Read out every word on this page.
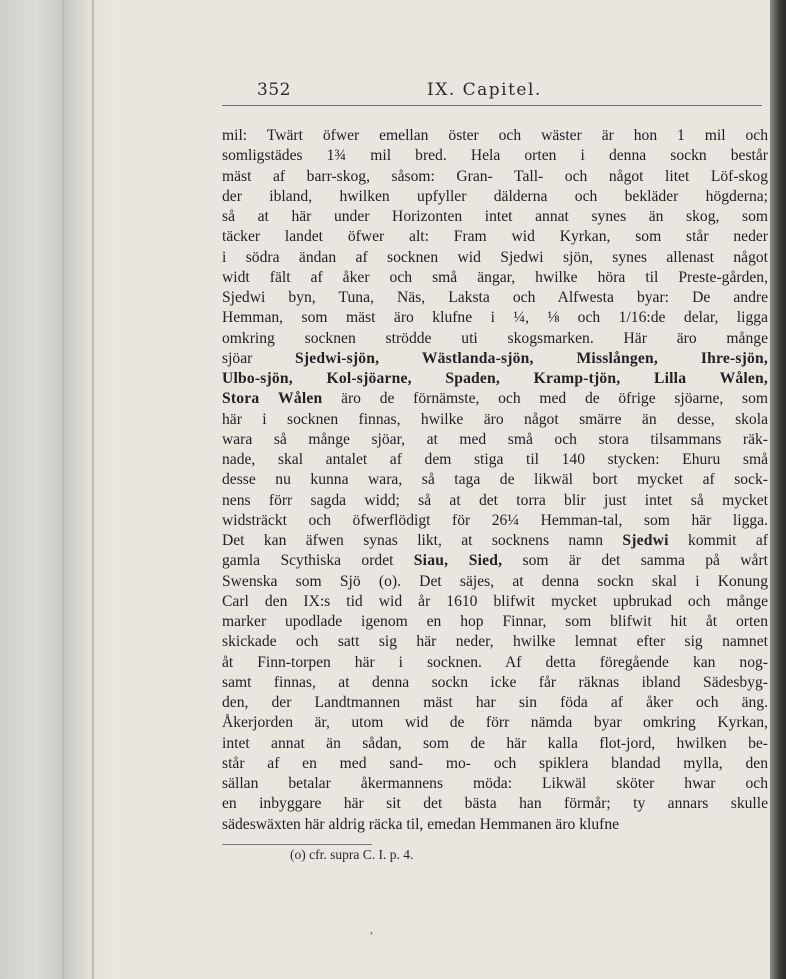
352	IX. Capitel.
mil: Twärt öfwer emellan öster och wäster är hon 1 mil och
somligstädes 1¾ mil bred. Hela orten i denna sockn består
mäst af barr-skog, såsom: Gran- Tall- och något litet Löf-skog
der ibland, hwilken upfyller dälderna och bekläder högderna;
så at här under Horizonten intet annat synes än skog, som
täcker landet öfwer alt: Fram wid Kyrkan, som står neder
i södra ändan af socknen wid Sjedwi sjön, synes allenast något
widt fält af åker och små ängar, hwilke höra til Preste-gården,
Sjedwi byn, Tuna, Näs, Laksta och Alfwesta byar: De andre
Hemman, som mäst äro klufne i ¼, ⅛ och 1/16:de delar, ligga
omkring socknen strödde uti skogsmarken. Här äro månge
sjöar Sjedwi-sjön, Wästlanda-sjön, Misslången, Ihre-sjön,
Ulbo-sjön, Kol-sjöarne, Spaden, Kramp-tjön, Lilla Wålen,
Stora Wålen äro de förnämste, och med de öfrige sjöarne, som
här i socknen finnas, hwilke äro något smärre än desse, skola
wara så månge sjöar, at med små och stora tilsammans räk-
nade, skal antalet af dem stiga til 140 stycken: Ehuru små
desse nu kunna wara, så taga de likwäl bort mycket af sock-
nens förr sagda widd; så at det torra blir just intet så mycket
widsträckt och öfwerflödigt för 26¼ Hemman-tal, som här ligga.
Det kan äfwen synas likt, at socknens namn Sjedwi kommit af
gamla Scythiska ordet Siau, Sied, som är det samma på wårt
Swenska som Sjö (o). Det säjes, at denna sockn skal i Konung
Carl den IX:s tid wid år 1610 blifwit mycket upbrukad och månge
marker upodlade igenom en hop Finnar, som blifwit hit åt orten
skickade och satt sig här neder, hwilke lemnat efter sig namnet
åt Finn-torpen här i socknen. Af detta föregående kan nog-
samt finnas, at denna sockn icke får räknas ibland Sädesbyg-
den, der Landtmannen mäst har sin föda af åker och äng.
Åkerjorden är, utom wid de förr nämda byar omkring Kyrkan,
intet annat än sådan, som de här kalla flot-jord, hwilken be-
står af en med sand- mo- och spiklera blandad mylla, den
sällan betalar åkermannens möda: Likwäl sköter hwar och
en inbyggare här sit det bästa han förmår; ty annars skulle
sädeswäxten här aldrig räcka til, emedan Hemmanen äro klufne
(o) cfr. supra C. I. p. 4.
,
